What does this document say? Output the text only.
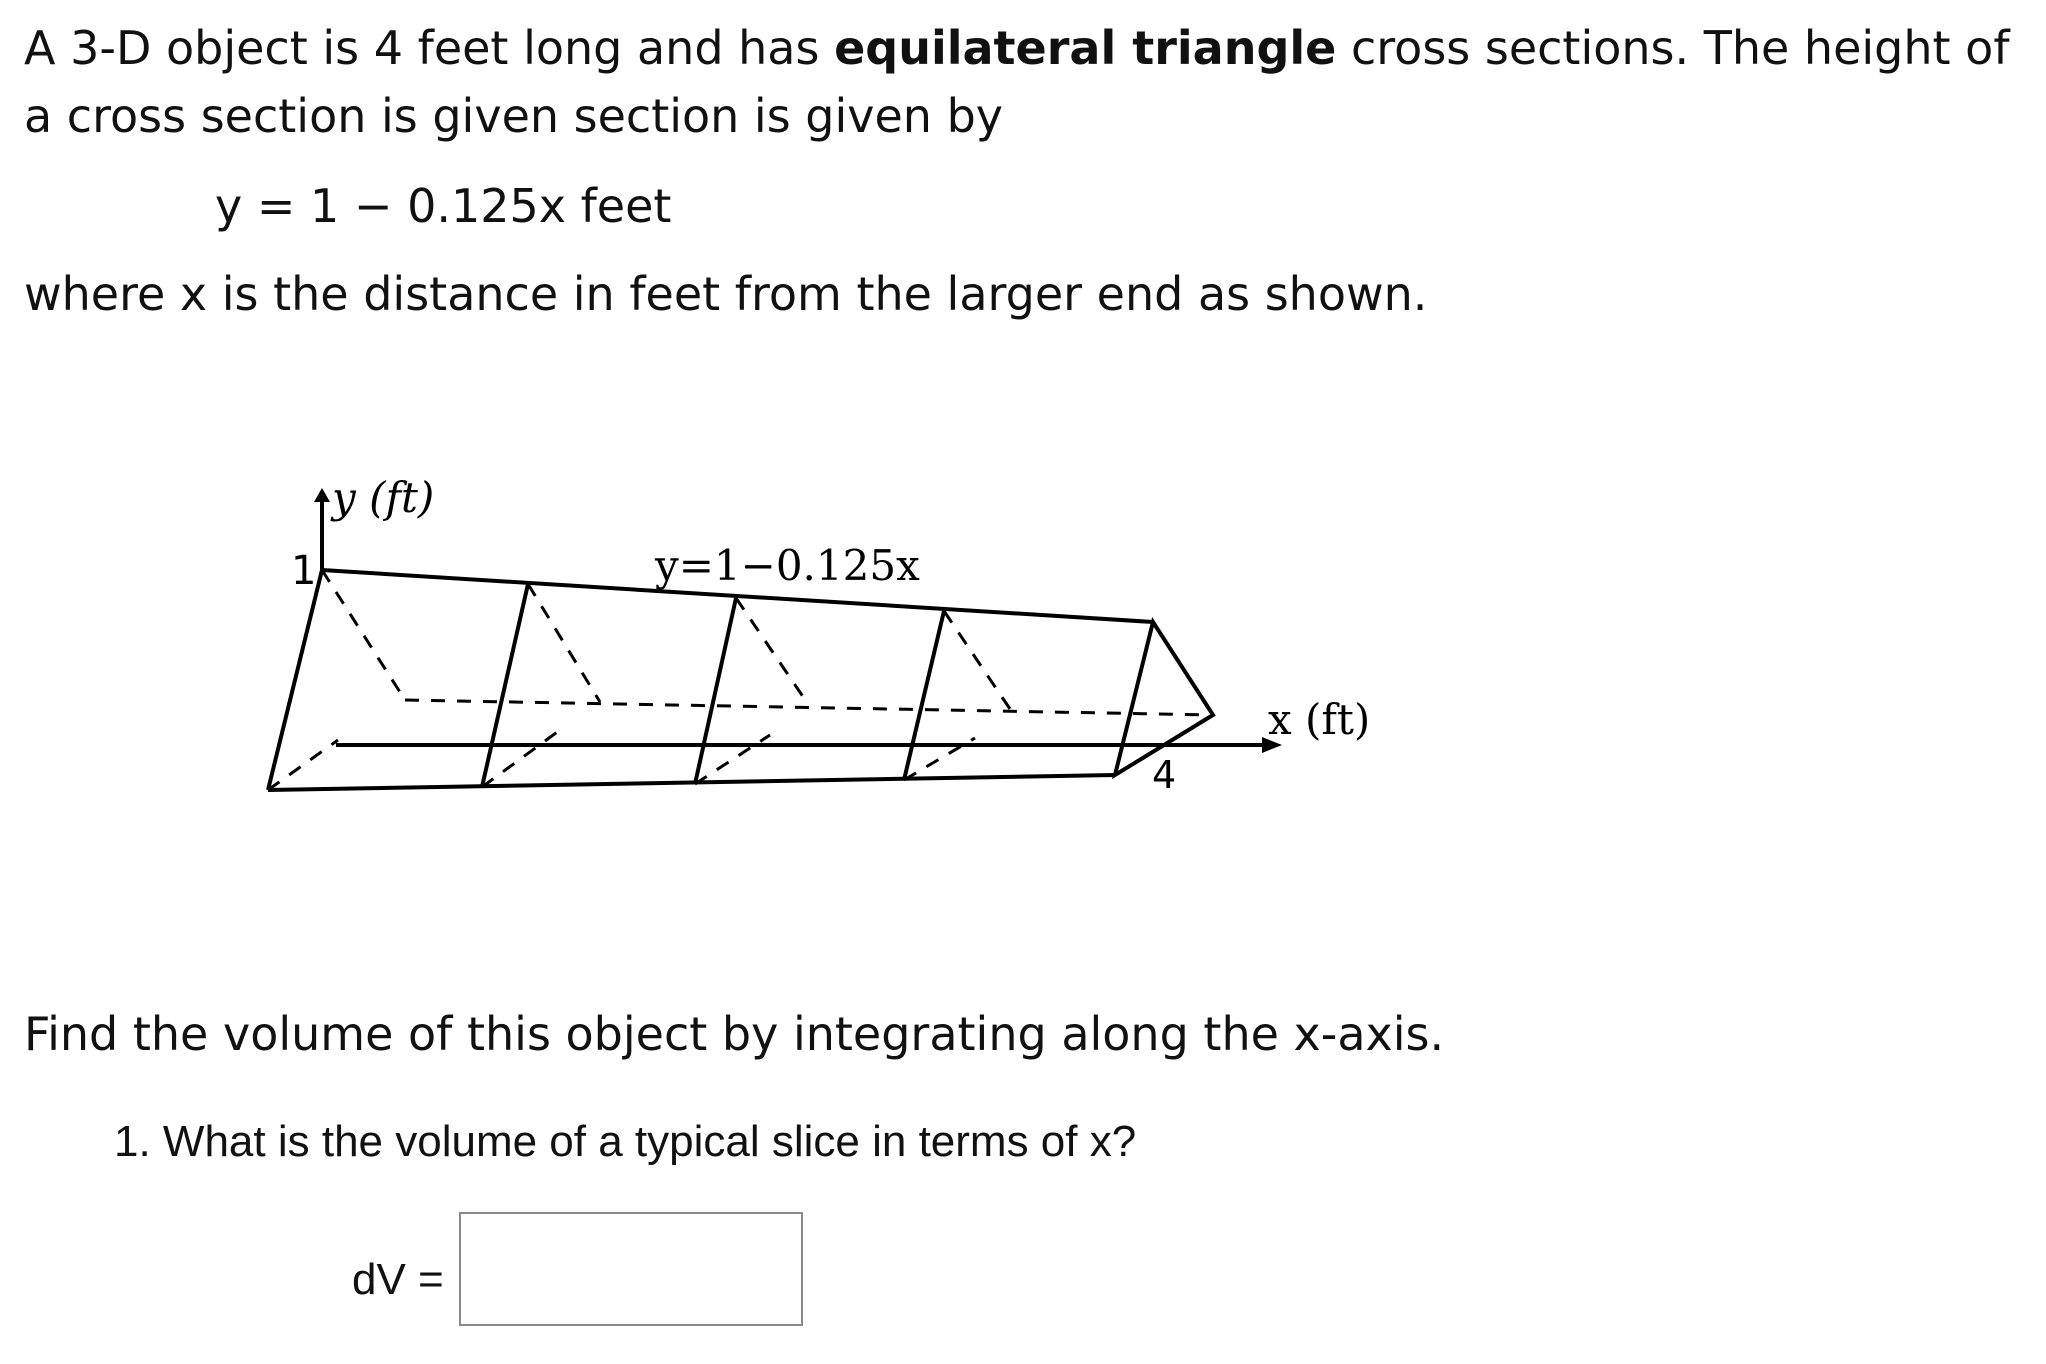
A 3-D object is 4 feet long and has equilateral triangle cross sections. The height of a cross section is given section is given by

y = 1 − 0.125x feet

where x is the distance in feet from the larger end as shown.

y (ft)
1	y=1−0.125x
x (ft)
4

Find the volume of this object by integrating along the x-axis.

1. What is the volume of a typical slice in terms of x?

dV =
